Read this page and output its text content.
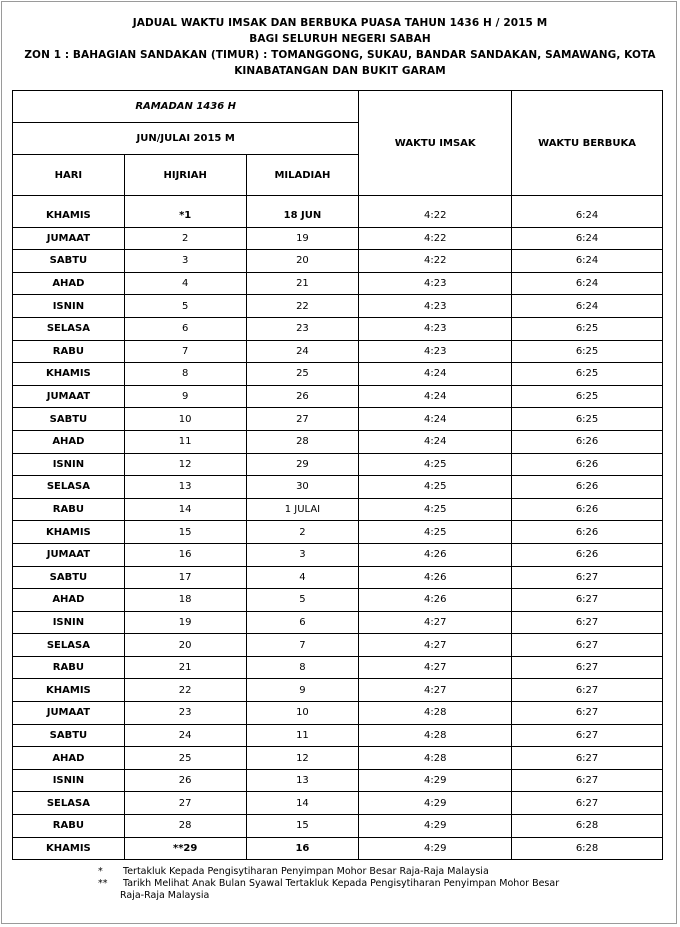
JADUAL WAKTU IMSAK DAN BERBUKA PUASA TAHUN 1436 H / 2015 M
BAGI SELURUH NEGERI SABAH
ZON 1 : BAHAGIAN SANDAKAN (TIMUR) : TOMANGGONG, SUKAU, BANDAR SANDAKAN, SAMAWANG, KOTA
KINABATANGAN DAN BUKIT GARAM
RAMADAN 1436 H			WAKTU IMSAK	WAKTU BERBUKA
JUN/JULAI 2015 M				
HARI	HIJRIAH	MILADIAH		

KHAMIS	*1	18 JUN	4:22	6:24
JUMAAT	2	19	4:22	6:24
SABTU	3	20	4:22	6:24
AHAD	4	21	4:23	6:24
ISNIN	5	22	4:23	6:24
SELASA	6	23	4:23	6:25
RABU	7	24	4:23	6:25
KHAMIS	8	25	4:24	6:25
JUMAAT	9	26	4:24	6:25
SABTU	10	27	4:24	6:25
AHAD	11	28	4:24	6:26
ISNIN	12	29	4:25	6:26
SELASA	13	30	4:25	6:26
RABU	14	1 JULAI	4:25	6:26
KHAMIS	15	2	4:25	6:26
JUMAAT	16	3	4:26	6:26
SABTU	17	4	4:26	6:27
AHAD	18	5	4:26	6:27
ISNIN	19	6	4:27	6:27
SELASA	20	7	4:27	6:27
RABU	21	8	4:27	6:27
KHAMIS	22	9	4:27	6:27
JUMAAT	23	10	4:28	6:27
SABTU	24	11	4:28	6:27
AHAD	25	12	4:28	6:27
ISNIN	26	13	4:29	6:27
SELASA	27	14	4:29	6:27
RABU	28	15	4:29	6:28
KHAMIS	**29	16	4:29	6:28
*	Tertakluk Kepada Pengisytiharan Penyimpan Mohor Besar Raja-Raja Malaysia
**	Tarikh Melihat Anak Bulan Syawal Tertakluk Kepada Pengisytiharan Penyimpan Mohor Besar
Raja-Raja Malaysia
